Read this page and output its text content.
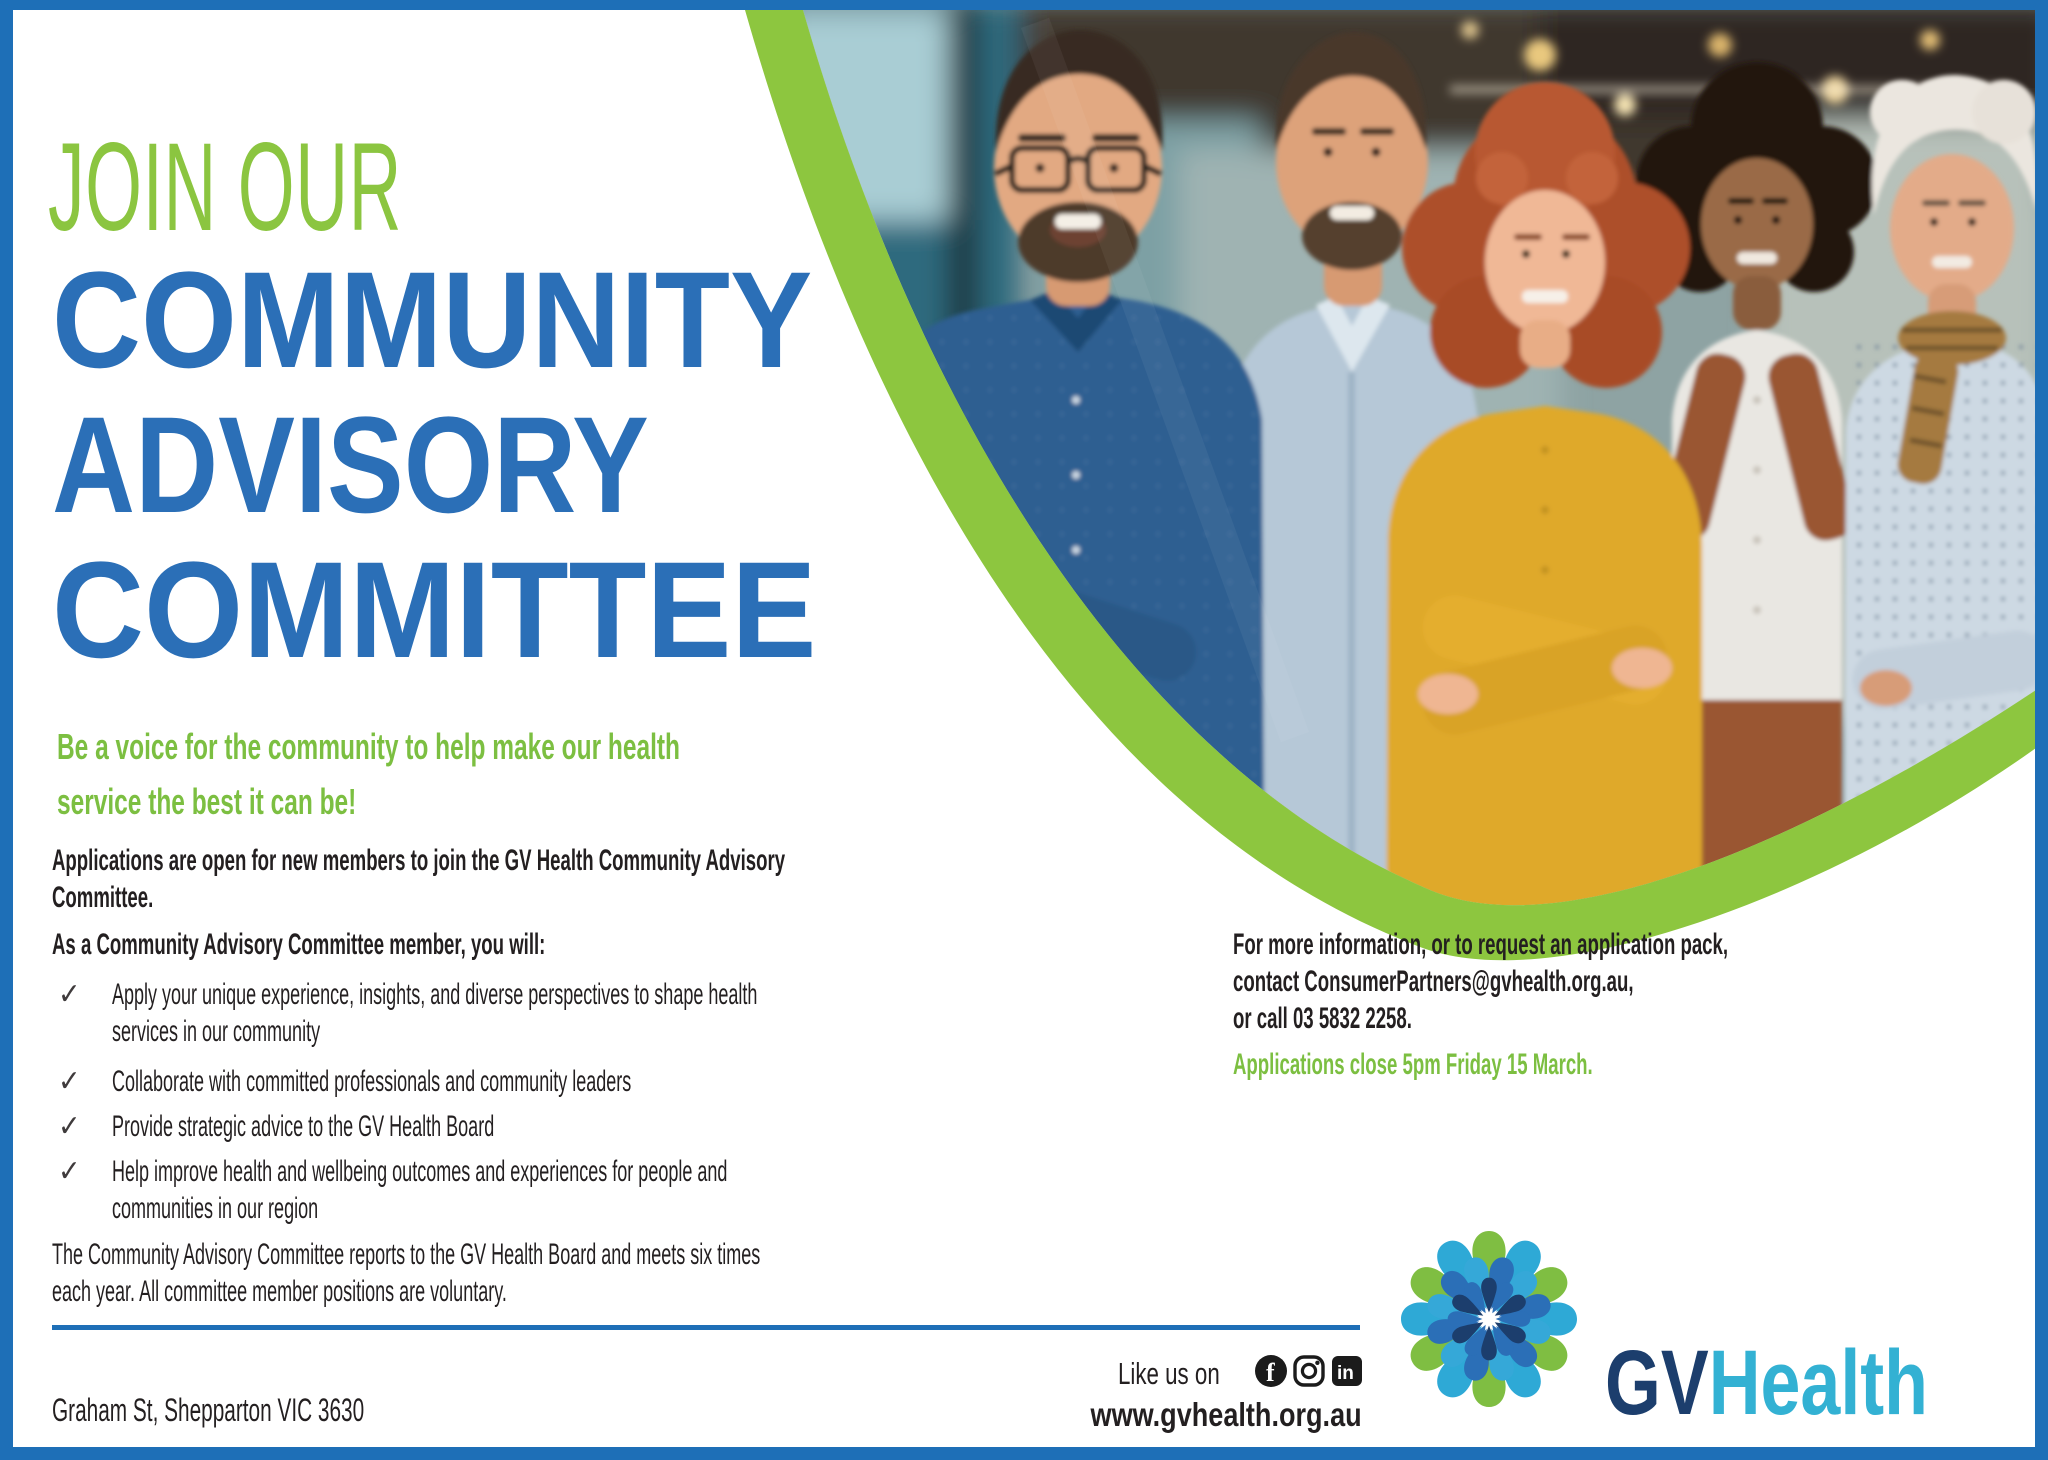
JOIN OUR
COMMUNITY
ADVISORY
COMMITTEE
Be a voice for the community to help make our health
service the best it can be!
Applications are open for new members to join the GV Health Community Advisory
Committee.
As a Community Advisory Committee member, you will:
✓ Apply your unique experience, insights, and diverse perspectives to shape health
services in our community
✓ Collaborate with committed professionals and community leaders
✓ Provide strategic advice to the GV Health Board
✓ Help improve health and wellbeing outcomes and experiences for people and
communities in our region
The Community Advisory Committee reports to the GV Health Board and meets six times
each year. All committee member positions are voluntary.
For more information, or to request an application pack,
contact ConsumerPartners@gvhealth.org.au,
or call 03 5832 2258.
Applications close 5pm Friday 15 March.
Graham St, Shepparton VIC 3630
Like us on f	in
www.gvhealth.org.au	GVHealth
